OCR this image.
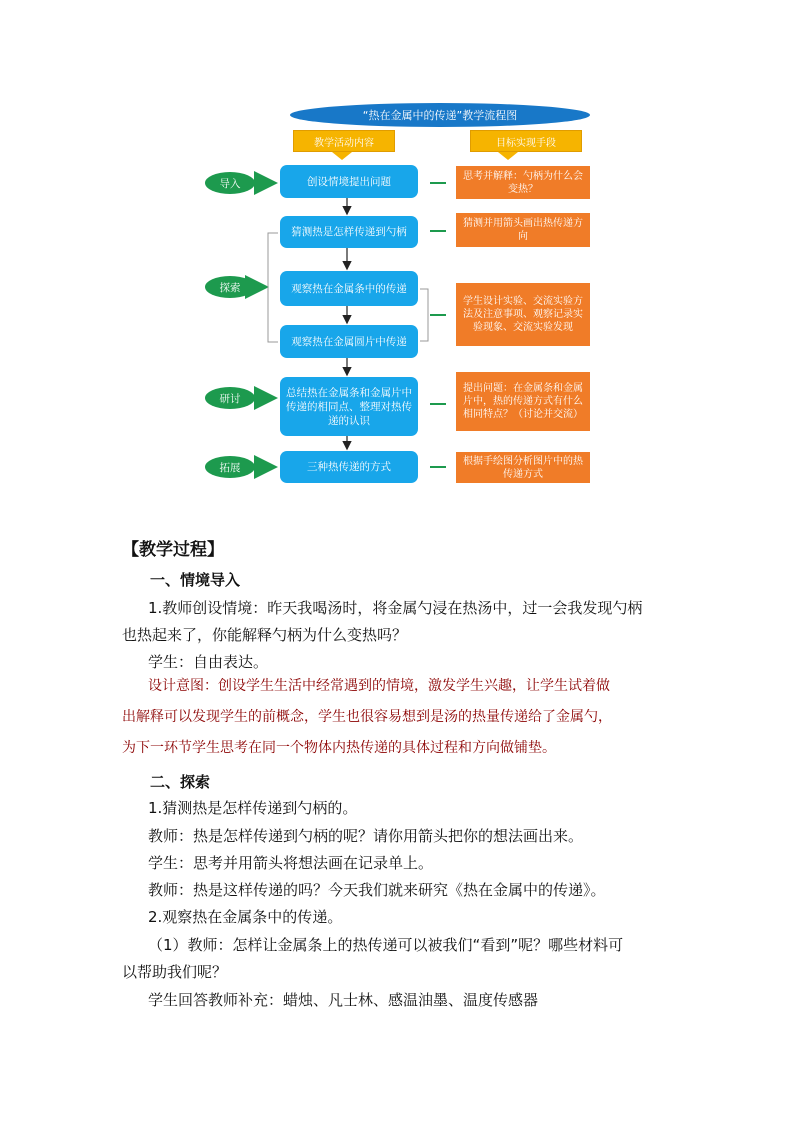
“热在金属中的传递”教学流程图
教学活动内容	目标实现手段
导入
探索
研讨
拓展
创设情境提出问题
猜测热是怎样传递到勺柄
观察热在金属条中的传递
观察热在金属圆片中传递
总结热在金属条和金属片中传递的相同点、整理对热传递的认识
三种热传递的方式
思考并解释：勺柄为什么会变热？
猜测并用箭头画出热传递方向
学生设计实验、交流实验方法及注意事项、观察记录实验现象、交流实验发现
提出问题：在金属条和金属片中，热的传递方式有什么相同特点？（讨论并交流）
根据手绘图分析图片中的热传递方式
【教学过程】
一、情境导入
1.教师创设情境：昨天我喝汤时，将金属勺浸在热汤中，过一会我发现勺柄
也热起来了，你能解释勺柄为什么变热吗？
学生：自由表达。
设计意图：创设学生生活中经常遇到的情境，激发学生兴趣，让学生试着做
出解释可以发现学生的前概念，学生也很容易想到是汤的热量传递给了金属勺，
为下一环节学生思考在同一个物体内热传递的具体过程和方向做铺垫。
二、探索
1.猜测热是怎样传递到勺柄的。
教师：热是怎样传递到勺柄的呢？请你用箭头把你的想法画出来。
学生：思考并用箭头将想法画在记录单上。
教师：热是这样传递的吗？今天我们就来研究《热在金属中的传递》。
2.观察热在金属条中的传递。
（1）教师：怎样让金属条上的热传递可以被我们“看到”呢？哪些材料可
以帮助我们呢？
学生回答教师补充：蜡烛、凡士林、感温油墨、温度传感器
